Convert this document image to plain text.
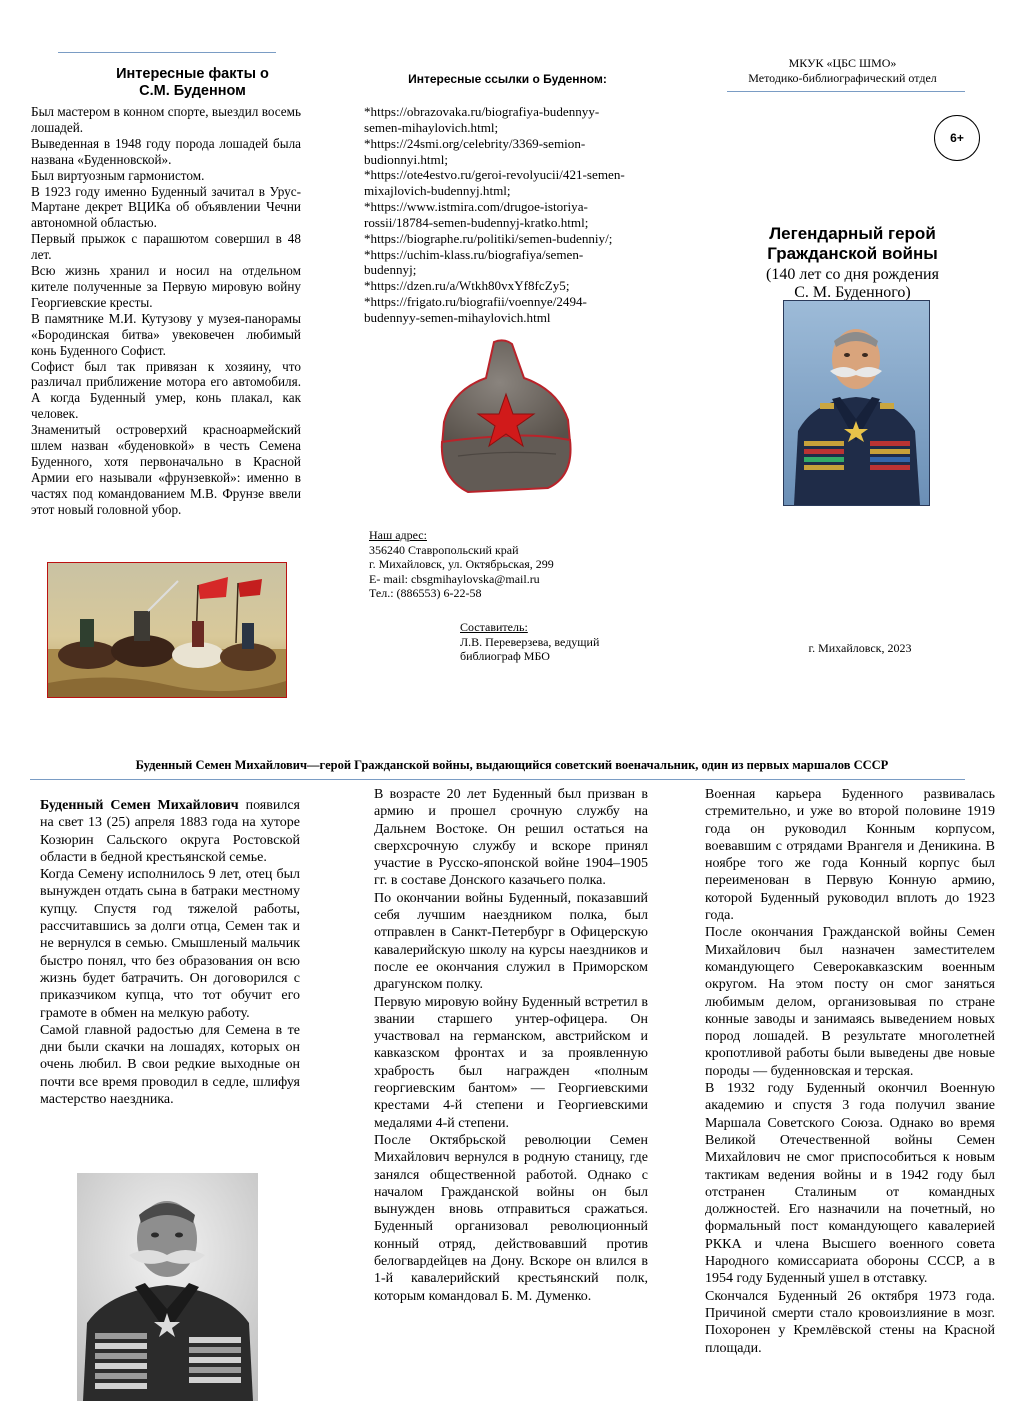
Интересные факты о
С.М. Буденном

Был мастером в конном спорте, выездил восемь лошадей.

Выведенная в 1948 году порода лошадей была названа «Буденновской».

Был виртуозным гармонистом.

В 1923 году именно Буденный зачитал в Урус-Мартане декрет ВЦИКа об объявлении Чечни автономной областью.

Первый прыжок с парашютом совершил в 48 лет.

Всю жизнь хранил и носил на отдельном кителе полученные за Первую мировую войну Георгиевские кресты.

В памятнике М.И. Кутузову у музея-панорамы «Бородинская битва» увековечен любимый конь Буденного Софист.

Софист был так привязан к хозяину, что различал приближение мотора его автомобиля. А когда Буденный умер, конь плакал, как человек.

Знаменитый островерхий красноармейский шлем назван «буденовкой» в честь Семена Буденного, хотя первоначально в Красной Армии его называли «фрунзевкой»: именно в частях под командованием М.В. Фрунзе ввели этот новый головной убор.

Интересные ссылки о Буденном:
*https://obrazovaka.ru/biografiya-budennyy-
semen-mihaylovich.html;
*https://24smi.org/celebrity/3369-semion-
budionnyi.html;
*https://ote4estvo.ru/geroi-revolyucii/421-semen-
mixajlovich-budennyj.html;
*https://www.istmira.com/drugoe-istoriya-
rossii/18784-semen-budennyj-kratko.html;
*https://biographe.ru/politiki/semen-budenniy/;
*https://uchim-klass.ru/biografiya/semen-
budennyj;
*https://dzen.ru/a/Wtkh80vxYf8fcZy5;
*https://frigato.ru/biografii/voennye/2494-
budennyy-semen-mihaylovich.html
Наш адрес:
356240 Ставропольский край
г. Михайловск, ул. Октябрьская, 299
E- mail: cbsgmihaylovska@mail.ru
Тел.: (886553) 6-22-58
Составитель:
Л.В. Переверзева, ведущий
библиограф МБО
МКУК «ЦБС ШМО»
Методико-библиографический отдел
6+
Легендарный герой
Гражданской войны
(140 лет со дня рождения
С. М. Буденного)
г. Михайловск, 2023
Буденный Семен Михайлович—герой Гражданской войны, выдающийся советский военачальник, один из первых маршалов СССР

Буденный Семен Михайлович появился на свет 13 (25) апреля 1883 года на хуторе Козюрин Сальского округа Ростовской области в бедной крестьянской семье.

Когда Семену исполнилось 9 лет, отец был вынужден отдать сына в батраки местному купцу. Спустя год тяжелой работы, рассчитавшись за долги отца, Семен так и не вернулся в семью. Смышленый мальчик быстро понял, что без образования он всю жизнь будет батрачить. Он договорился с приказчиком купца, что тот обучит его грамоте в обмен на мелкую работу.

Самой главной радостью для Семена в те дни были скачки на лошадях, которых он очень любил. В свои редкие выходные он почти все время проводил в седле, шлифуя мастерство наездника.

В возрасте 20 лет Буденный был призван в армию и прошел срочную службу на Дальнем Востоке. Он решил остаться на сверхсрочную службу и вскоре принял участие в Русско-японской войне 1904–1905 гг. в составе Донского казачьего полка.

По окончании войны Буденный, показавший себя лучшим наездником полка, был отправлен в Санкт-Петербург в Офицерскую кавалерийскую школу на курсы наездников и после ее окончания служил в Приморском драгунском полку.

Первую мировую войну Буденный встретил в звании старшего унтер-офицера. Он участвовал на германском, австрийском и кавказском фронтах и за проявленную храбрость был награжден «полным георгиевским бантом» — Георгиевскими крестами 4-й степени и Георгиевскими медалями 4-й степени.

После Октябрьской революции Семен Михайлович вернулся в родную станицу, где занялся общественной работой. Однако с началом Гражданской войны он был вынужден вновь отправиться сражаться. Буденный организовал революционный конный отряд, действовавший против белогвардейцев на Дону. Вскоре он влился в 1-й кавалерийский крестьянский полк, которым командовал Б. М. Думенко.

Военная карьера Буденного развивалась стремительно, и уже во второй половине 1919 года он руководил Конным корпусом, воевавшим с отрядами Врангеля и Деникина. В ноябре того же года Конный корпус был переименован в Первую Конную армию, которой Буденный руководил вплоть до 1923 года.

После окончания Гражданской войны Семен Михайлович был назначен заместителем командующего Северокавказским военным округом. На этом посту он смог заняться любимым делом, организовывая по стране конные заводы и занимаясь выведением новых пород лошадей. В результате многолетней кропотливой работы были выведены две новые породы — буденновская и терская.

В 1932 году Буденный окончил Военную академию и спустя 3 года получил звание Маршала Советского Союза. Однако во время Великой Отечественной войны Семен Михайлович не смог приспособиться к новым тактикам ведения войны и в 1942 году был отстранен Сталиным от командных должностей. Его назначили на почетный, но формальный пост командующего кавалерией РККА и члена Высшего военного совета Народного комиссариата обороны СССР, а в 1954 году Буденный ушел в отставку.

Скончался Буденный 26 октября 1973 года. Причиной смерти стало кровоизлияние в мозг. Похоронен у Кремлёвской стены на Красной площади.
